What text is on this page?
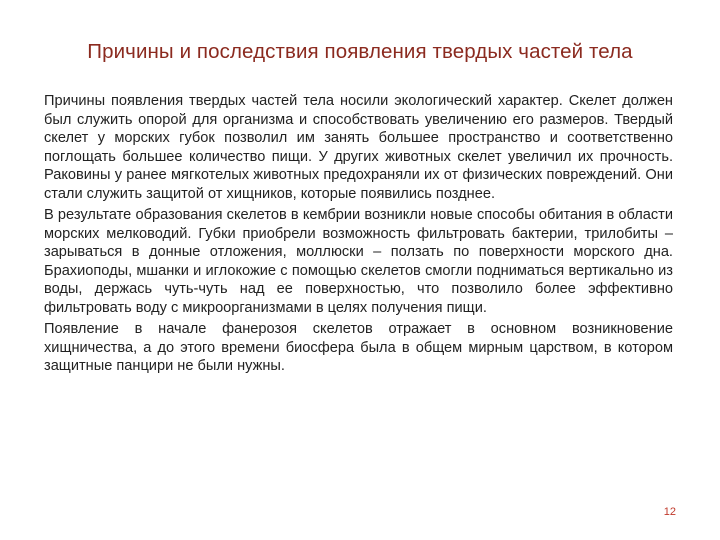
Причины и последствия появления твердых частей тела

Причины появления твердых частей тела носили экологический характер. Скелет должен был служить опорой для организма и способствовать увеличению его размеров. Твердый скелет у морских губок позволил им занять большее пространство и соответственно поглощать большее количество пищи. У других животных скелет увеличил их прочность. Раковины у ранее мягкотелых животных предохраняли их от физических повреждений. Они стали служить защитой от хищников, которые появились позднее.

В результате образования скелетов в кембрии возникли новые способы обитания в области морских мелководий. Губки приобрели возможность фильтровать бактерии, трилобиты – зарываться в донные отложения, моллюски – ползать по поверхности морского дна. Брахиоподы, мшанки и иглокожие с помощью скелетов смогли подниматься вертикально из воды, держась чуть-чуть над ее поверхностью, что позволило более эффективно фильтровать воду с микроорганизмами в целях получения пищи.

Появление в начале фанерозоя скелетов отражает в основном возникновение хищничества, а до этого времени биосфера была в общем мирным царством, в котором защитные панцири не были нужны.

12
